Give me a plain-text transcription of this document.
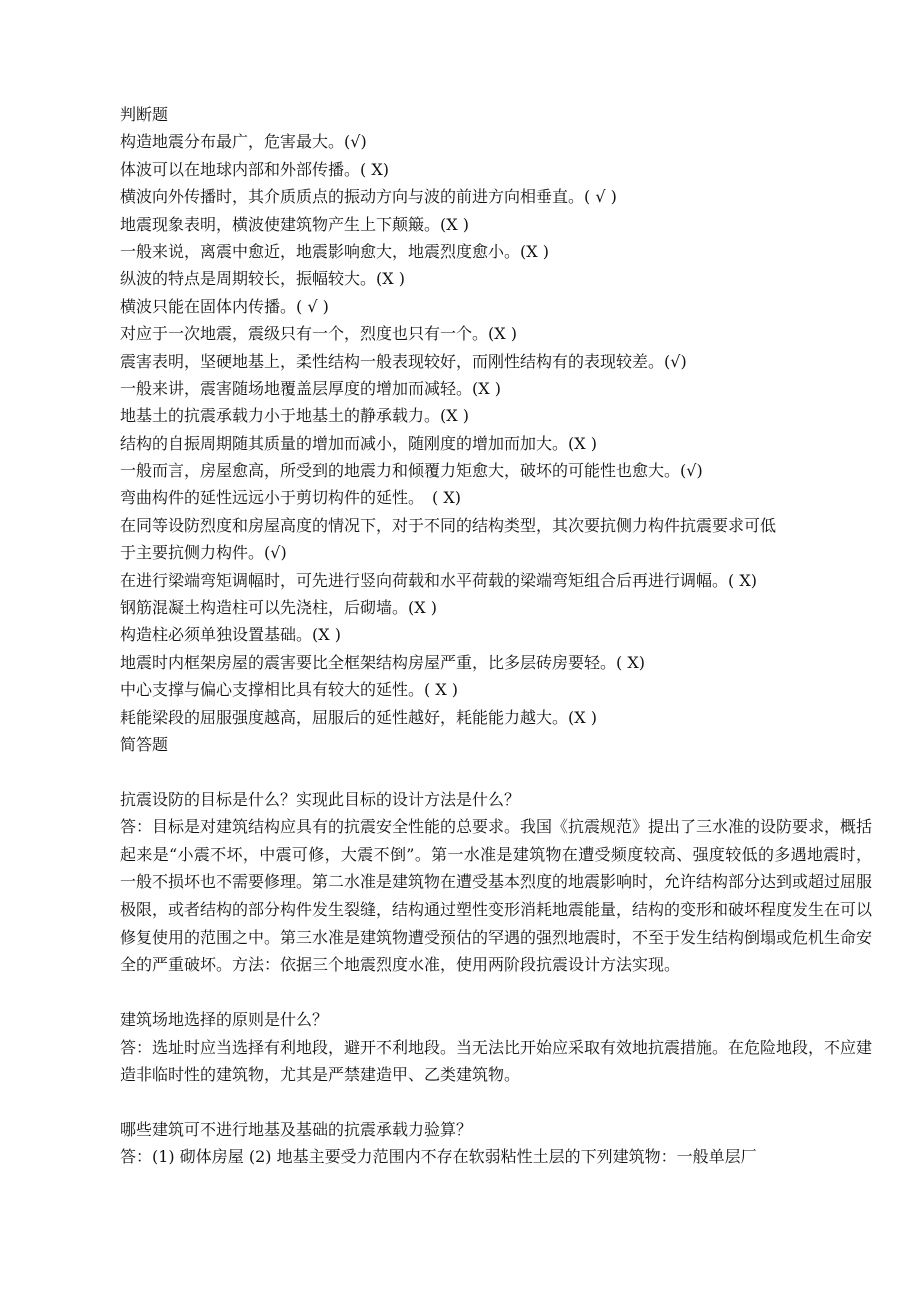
判断题
构造地震分布最广，危害最大。(√)
体波可以在地球内部和外部传播。( X)
横波向外传播时，其介质质点的振动方向与波的前进方向相垂直。( √ )
地震现象表明，横波使建筑物产生上下颠簸。(X )
一般来说，离震中愈近，地震影响愈大，地震烈度愈小。(X )
纵波的特点是周期较长，振幅较大。(X )
横波只能在固体内传播。( √ )
对应于一次地震，震级只有一个，烈度也只有一个。(X )
震害表明，坚硬地基上，柔性结构一般表现较好，而刚性结构有的表现较差。(√)
一般来讲，震害随场地覆盖层厚度的增加而减轻。(X )
地基土的抗震承载力小于地基土的静承载力。(X )
结构的自振周期随其质量的增加而减小，随刚度的增加而加大。(X )
一般而言，房屋愈高，所受到的地震力和倾覆力矩愈大，破坏的可能性也愈大。(√)
弯曲构件的延性远远小于剪切构件的延性。　( X)
在同等设防烈度和房屋高度的情况下，对于不同的结构类型，其次要抗侧力构件抗震要求可低
于主要抗侧力构件。(√)
在进行梁端弯矩调幅时，可先进行竖向荷载和水平荷载的梁端弯矩组合后再进行调幅。( X)
钢筋混凝土构造柱可以先浇柱，后砌墙。(X )
构造柱必须单独设置基础。(X )
地震时内框架房屋的震害要比全框架结构房屋严重，比多层砖房要轻。( X)
中心支撑与偏心支撑相比具有较大的延性。( X )
耗能梁段的屈服强度越高，屈服后的延性越好，耗能能力越大。(X )
简答题
抗震设防的目标是什么？实现此目标的设计方法是什么？
答：目标是对建筑结构应具有的抗震安全性能的总要求。我国《抗震规范》提出了三水准的设防要求，概括起来是“小震不坏，中震可修，大震不倒”。第一水准是建筑物在遭受频度较高、强度较低的多遇地震时，一般不损坏也不需要修理。第二水准是建筑物在遭受基本烈度的地震影响时，允许结构部分达到或超过屈服极限，或者结构的部分构件发生裂缝，结构通过塑性变形消耗地震能量，结构的变形和破坏程度发生在可以修复使用的范围之中。第三水准是建筑物遭受预估的罕遇的强烈地震时，不至于发生结构倒塌或危机生命安全的严重破坏。方法：依据三个地震烈度水准，使用两阶段抗震设计方法实现。
建筑场地选择的原则是什么？
答：选址时应当选择有利地段，避开不利地段。当无法比开始应采取有效地抗震措施。在危险地段，不应建造非临时性的建筑物，尤其是严禁建造甲、乙类建筑物。
哪些建筑可不进行地基及基础的抗震承载力验算？
答：(1) 砌体房屋 (2) 地基主要受力范围内不存在软弱粘性土层的下列建筑物：一般单层厂
